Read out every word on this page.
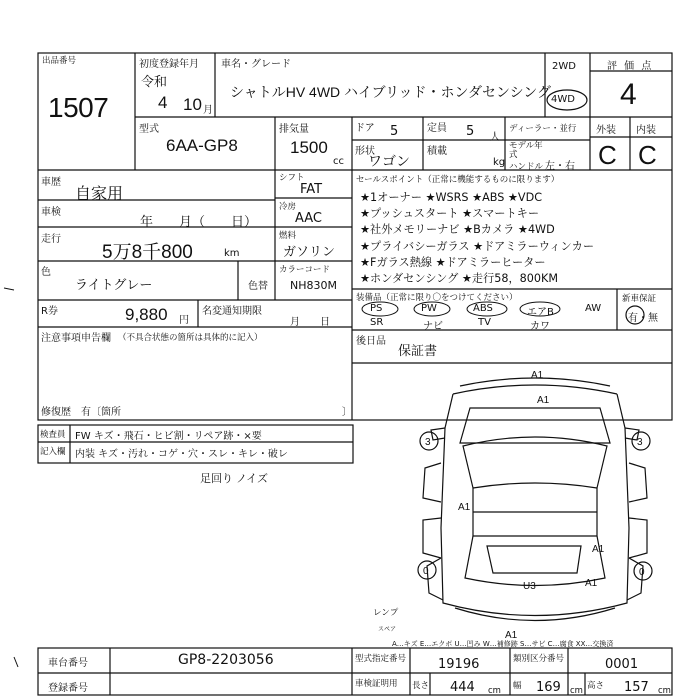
出品番号
1507
初度登録年月
令和
4 10 月
車名・グレード
シャトルHV 4WD ハイブリッド・ホンダセンシング
2WD
4WD
評 価 点
4
外装 内装
C C
型式
6AA-GP8
排気量
1500
cc
ドア 5	定員 5 人
ディーラー・並行
形状
ワゴン
積載
kg
モデル年式
ハンドル 左・右
車歴
自家用
車検
年　　月（　　日）
走行
5万8千800	km
色
ライトグレー	色替
R券	9,880 円
名変通知期限
月　　日
注意事項申告欄 （不具合状態の箇所は具体的に記入）
修復歴　有〔箇所	〕
シフト
FAT
冷房
AAC
燃料
ガソリン
カラーコード
NH830M
セールスポイント（正常に機能するものに限ります）
★1オーナー ★WSRS ★ABS ★VDC
★プッシュスタート ★スマートキー
★社外メモリーナビ ★Bカメラ ★4WD
★プライバシーガラス ★ドアミラーウィンカー
★Fガラス熱線 ★ドアミラーヒーター
★ホンダセンシング ★走行58，800KM
装備品（正常に限り〇をつけてください）
PS	PW	ABS	エアB	AW
SR	ナビ	TV	カワ
新車保証
有・無
後日品
保証書
検査員
記入欄
FW キズ・飛石・ヒビ割・リペア跡・×要
内装 キズ・汚れ・コゲ・穴・スレ・キレ・破レ
足回り ノイズ
A1
A1
3	3
A1
A1
U3	A1
A1
0	0
レンプ
スペア
A…キズ E…エクボ U…凹み W…補修跡 S…サビ C…腐食 XX…交換済
車台番号	GP8-2203056
登録番号
型式指定番号 19196	類別区分番号	0001
車検証明用 長さ 444 cm 幅 169 cm 高さ 157 cm
